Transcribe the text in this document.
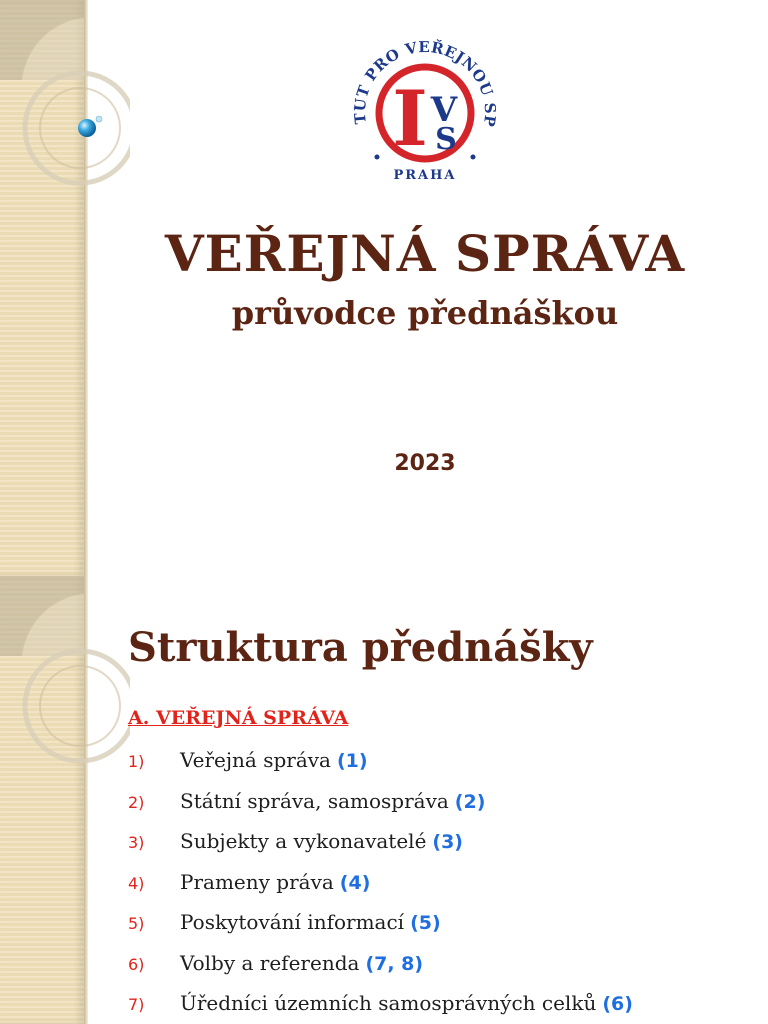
TUT PRO VEŘEJNOU SP
PRAHA
I V
S
VEŘEJNÁ SPRÁVA
průvodce přednáškou
2023
Struktura přednášky
A. VEŘEJNÁ SPRÁVA
1)	Veřejná správa (1)
2)	Státní správa, samospráva (2)
3)	Subjekty a vykonavatelé (3)
4)	Prameny práva (4)
5)	Poskytování informací (5)
6)	Volby a referenda (7, 8)
7)	Úředníci územních samosprávných celků (6)
